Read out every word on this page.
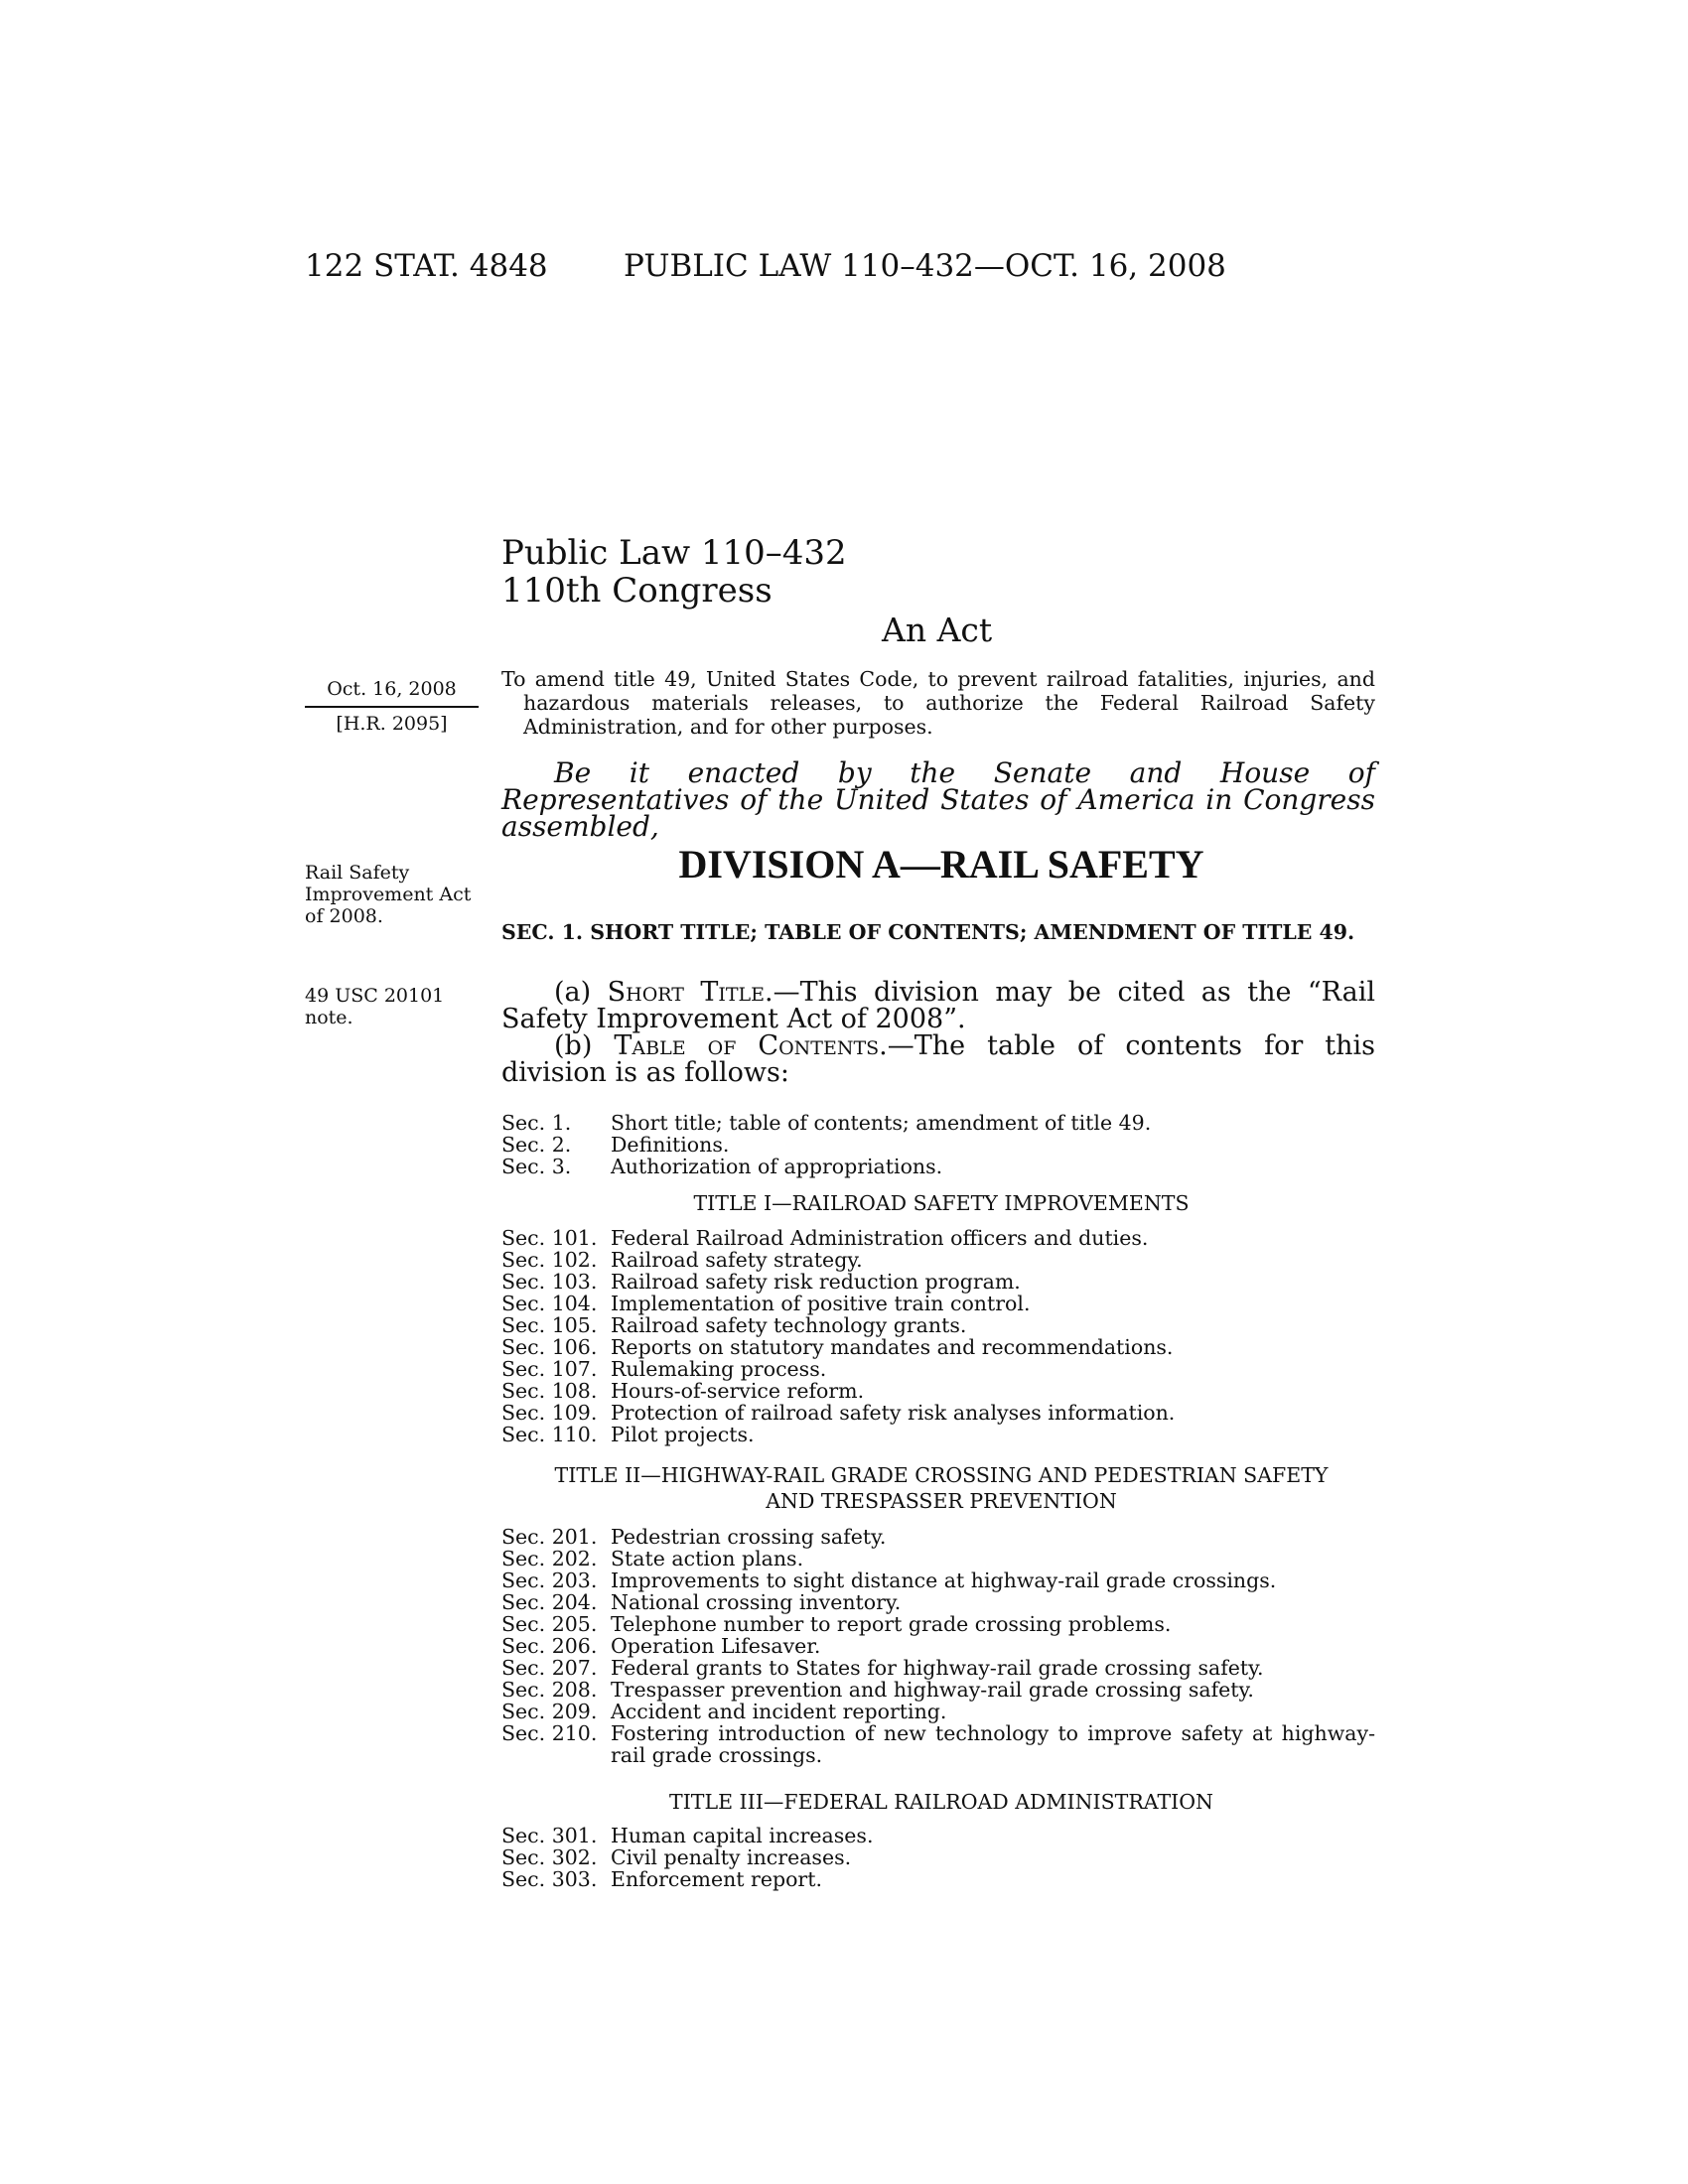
122 STAT. 4848 PUBLIC LAW 110–432—OCT. 16, 2008
Public Law 110–432
110th Congress
An Act
Oct. 16, 2008
[H.R. 2095]
To amend title 49, United States Code, to prevent railroad fatalities, injuries, and hazardous materials releases, to authorize the Federal Railroad Safety Administration, and for other purposes.
Be it enacted by the Senate and House of Representatives of the United States of America in Congress assembled,
Rail Safety Improvement Act of 2008.
DIVISION A—RAIL SAFETY
SEC. 1. SHORT TITLE; TABLE OF CONTENTS; AMENDMENT OF TITLE 49.
49 USC 20101 note.
(a) Short Title.—This division may be cited as the “Rail Safety Improvement Act of 2008”.
(b) Table of Contents.—The table of contents for this division is as follows:
Sec. 1.	Short title; table of contents; amendment of title 49.
Sec. 2.	Definitions.
Sec. 3.	Authorization of appropriations.
TITLE I—RAILROAD SAFETY IMPROVEMENTS
Sec. 101. Federal Railroad Administration officers and duties.
Sec. 102. Railroad safety strategy.
Sec. 103. Railroad safety risk reduction program.
Sec. 104. Implementation of positive train control.
Sec. 105. Railroad safety technology grants.
Sec. 106. Reports on statutory mandates and recommendations.
Sec. 107. Rulemaking process.
Sec. 108. Hours-of-service reform.
Sec. 109. Protection of railroad safety risk analyses information.
Sec. 110. Pilot projects.
TITLE II—HIGHWAY-RAIL GRADE CROSSING AND PEDESTRIAN SAFETY
AND TRESPASSER PREVENTION
Sec. 201. Pedestrian crossing safety.
Sec. 202. State action plans.
Sec. 203. Improvements to sight distance at highway-rail grade crossings.
Sec. 204. National crossing inventory.
Sec. 205. Telephone number to report grade crossing problems.
Sec. 206. Operation Lifesaver.
Sec. 207. Federal grants to States for highway-rail grade crossing safety.
Sec. 208. Trespasser prevention and highway-rail grade crossing safety.
Sec. 209. Accident and incident reporting.
Sec. 210. Fostering introduction of new technology to improve safety at highway-rail grade crossings.
TITLE III—FEDERAL RAILROAD ADMINISTRATION
Sec. 301. Human capital increases.
Sec. 302. Civil penalty increases.
Sec. 303. Enforcement report.
